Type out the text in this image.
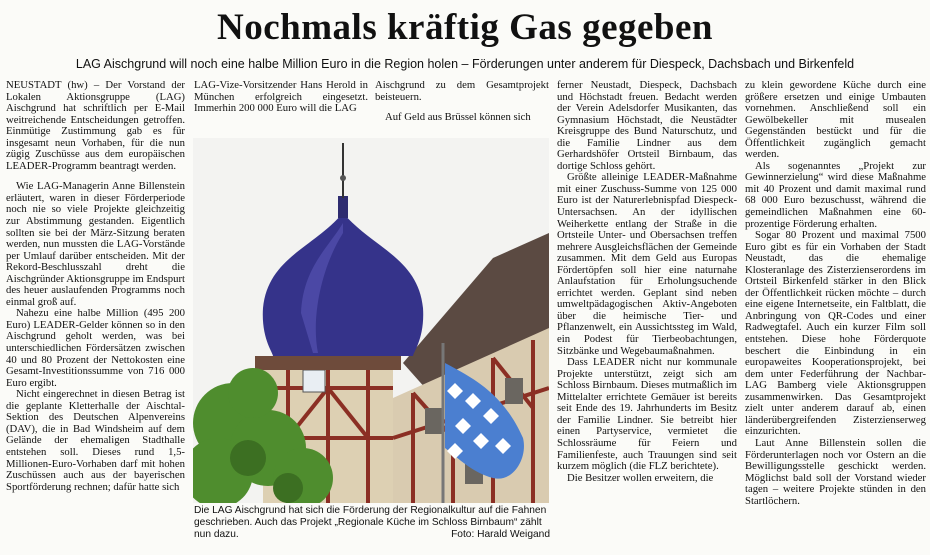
Nochmals kräftig Gas gegeben
LAG Aischgrund will noch eine halbe Million Euro in die Region holen – Förderungen unter anderem für Diespeck, Dachsbach und Birkenfeld

NEUSTADT (hw) – Der Vorstand der Lokalen Aktionsgruppe (LAG) Aischgrund hat schriftlich per E-Mail weitreichende Entscheidungen getroffen. Einmütige Zustimmung gab es für insgesamt neun Vorhaben, für die nun zügig Zuschüsse aus dem europäischen LEADER-Programm beantragt werden.

Wie LAG-Managerin Anne Billenstein erläutert, waren in dieser Förderperiode noch nie so viele Projekte gleichzeitig zur Abstimmung gestanden. Eigentlich sollten sie bei der März-Sitzung beraten werden, nun mussten die LAG-Vorstände per Umlauf darüber entscheiden. Mit der Rekord-Beschlusszahl dreht die Aischgründer Aktionsgruppe im Endspurt des heuer auslaufenden Programms noch einmal groß auf.

Nahezu eine halbe Million (495 200 Euro) LEADER-Gelder können so in den Aischgrund geholt werden, was bei unterschiedlichen Fördersätzen zwischen 40 und 80 Prozent der Nettokosten eine Gesamt-Investitionssumme von 716 000 Euro ergibt.

Nicht eingerechnet in diesen Betrag ist die geplante Kletterhalle der Aischtal-Sektion des Deutschen Alpenvereins (DAV), die in Bad Windsheim auf dem Gelände der ehemaligen Stadthalle entstehen soll. Dieses rund 1,5-Millionen-Euro-Vorhaben darf mit hohen Zuschüssen auch aus der bayerischen Sportförderung rechnen; dafür hatte sich

LAG-Vize-Vorsitzender Hans Herold in München erfolgreich eingesetzt. Immerhin 200 000 Euro will die LAG

Aischgrund zu dem Gesamtprojekt beisteuern.

Auf Geld aus Brüssel können sich

ferner Neustadt, Diespeck, Dachsbach und Höchstadt freuen. Bedacht werden der Verein Adelsdorfer Musikanten, das Gymnasium Höchstadt, die Neustädter Kreisgruppe des Bund Naturschutz, und die Familie Lindner aus dem Gerhardshöfer Ortsteil Birnbaum, das dortige Schloss gehört.

Größte alleinige LEADER-Maßnahme mit einer Zuschuss-Summe von 125 000 Euro ist der Naturerlebnispfad Diespeck-Untersachsen. An der idyllischen Weiherkette entlang der Straße in die Ortsteile Unter- und Obersachsen treffen mehrere Ausgleichsflächen der Gemeinde zusammen. Mit dem Geld aus Europas Fördertöpfen soll hier eine naturnahe Anlaufstation für Erholungsuchende errichtet werden. Geplant sind neben umweltpädagogischen Aktiv-Angeboten über die heimische Tier- und Pflanzenwelt, ein Aussichtssteg im Wald, ein Podest für Tierbeobachtungen, Sitzbänke und Wegebaumaßnahmen.

Dass LEADER nicht nur kommunale Projekte unterstützt, zeigt sich am Schloss Birnbaum. Dieses mutmaßlich im Mittelalter errichtete Gemäuer ist bereits seit Ende des 19. Jahrhunderts im Besitz der Familie Lindner. Sie betreibt hier einen Partyservice, vermietet die Schlossräume für Feiern und Familienfeste, auch Trauungen sind seit kurzem möglich (die FLZ berichtete).

Die Besitzer wollen erweitern, die

zu klein gewordene Küche durch eine größere ersetzen und einige Umbauten vornehmen. Anschließend soll ein Gewölbekeller mit musealen Gegenständen bestückt und für die Öffentlichkeit zugänglich gemacht werden.

Als sogenanntes „Projekt zur Gewinnerzielung“ wird diese Maßnahme mit 40 Prozent und damit maximal rund 68 000 Euro bezuschusst, während die gemeindlichen Maßnahmen eine 60-prozentige Förderung erhalten.

Sogar 80 Prozent und maximal 7500 Euro gibt es für ein Vorhaben der Stadt Neustadt, das die ehemalige Klosteranlage des Zisterzienserordens im Ortsteil Birkenfeld stärker in den Blick der Öffentlichkeit rücken möchte – durch eine eigene Internetseite, ein Faltblatt, die Anbringung von QR-Codes und einer Radwegtafel. Auch ein kurzer Film soll entstehen. Diese hohe Förderquote beschert die Einbindung in ein europaweites Kooperationsprojekt, bei dem unter Federführung der Nachbar-LAG Bamberg viele Aktionsgruppen zusammenwirken. Das Gesamtprojekt zielt unter anderem darauf ab, einen länderübergreifenden Zisterzienserweg einzurichten.

Laut Anne Billenstein sollen die Förderunterlagen noch vor Ostern an die Bewilligungsstelle geschickt werden. Möglichst bald soll der Vorstand wieder tagen – weitere Projekte stünden in den Startlöchern.

Die LAG Aischgrund hat sich die Förderung der Regionalkultur auf die Fahnen geschrieben. Auch das Projekt „Regionale Küche im Schloss Birnbaum“ zählt nun dazu.	Foto: Harald Weigand
